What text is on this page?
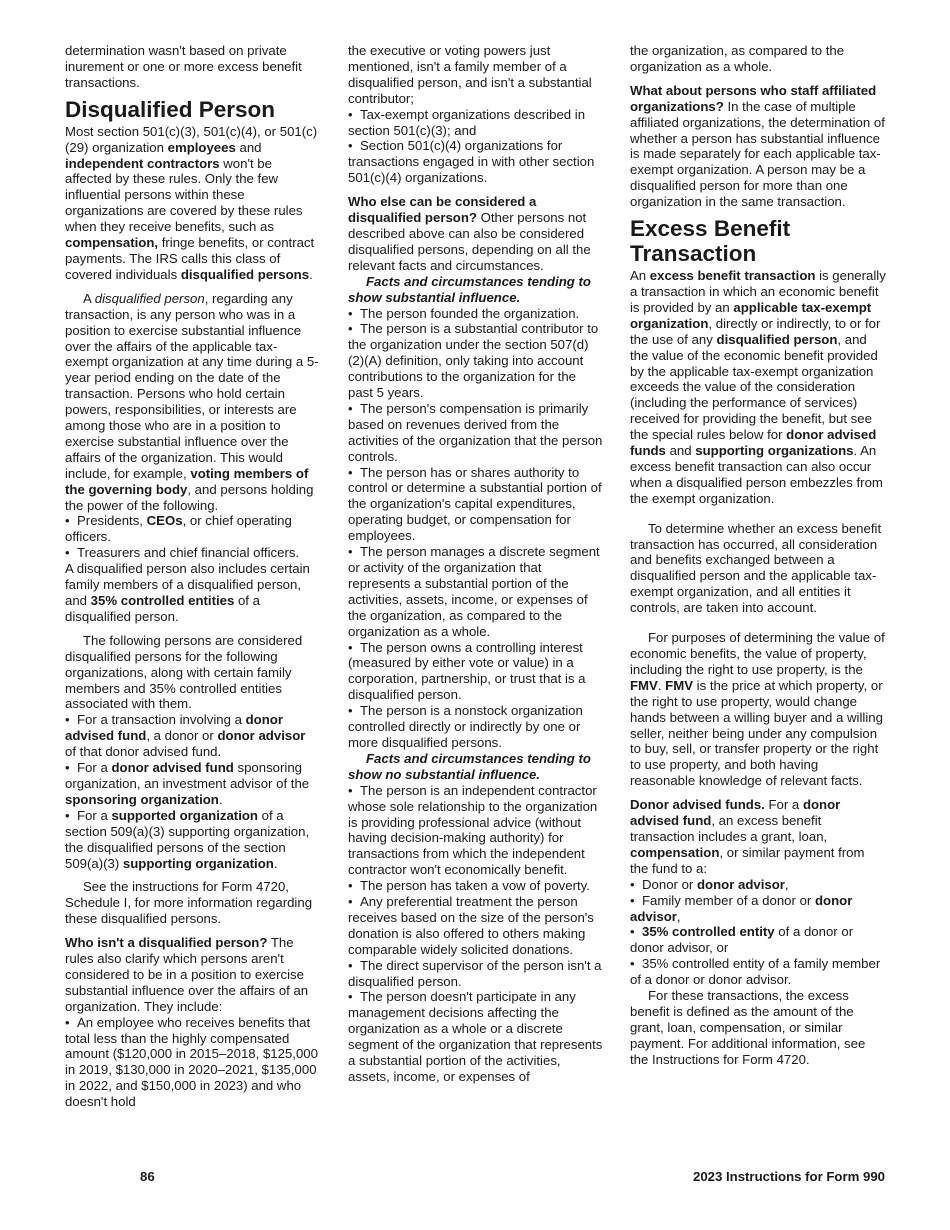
determination wasn't based on private inurement or one or more excess benefit transactions.

Disqualified Person

Most section 501(c)(3), 501(c)(4), or 501(c)(29) organization employees and independent contractors won't be affected by these rules. Only the few influential persons within these organizations are covered by these rules when they receive benefits, such as compensation, fringe benefits, or contract payments. The IRS calls this class of covered individuals disqualified persons.

A disqualified person, regarding any transaction, is any person who was in a position to exercise substantial influence over the affairs of the applicable tax-exempt organization at any time during a 5-year period ending on the date of the transaction. Persons who hold certain powers, responsibilities, or interests are among those who are in a position to exercise substantial influence over the affairs of the organization. This would include, for example, voting members of the governing body, and persons holding the power of the following.

• Presidents, CEOs, or chief operating officers.

• Treasurers and chief financial officers.

A disqualified person also includes certain family members of a disqualified person, and 35% controlled entities of a disqualified person.

The following persons are considered disqualified persons for the following organizations, along with certain family members and 35% controlled entities associated with them.

• For a transaction involving a donor advised fund, a donor or donor advisor of that donor advised fund.

• For a donor advised fund sponsoring organization, an investment advisor of the sponsoring organization.

• For a supported organization of a section 509(a)(3) supporting organization, the disqualified persons of the section 509(a)(3) supporting organization.

See the instructions for Form 4720, Schedule I, for more information regarding these disqualified persons.

Who isn't a disqualified person? The rules also clarify which persons aren't considered to be in a position to exercise substantial influence over the affairs of an organization. They include:

• An employee who receives benefits that total less than the highly compensated amount ($120,000 in 2015–2018, $125,000 in 2019, $130,000 in 2020–2021, $135,000 in 2022, and $150,000 in 2023) and who doesn't hold

the executive or voting powers just mentioned, isn't a family member of a disqualified person, and isn't a substantial contributor;

• Tax-exempt organizations described in section 501(c)(3); and

• Section 501(c)(4) organizations for transactions engaged in with other section 501(c)(4) organizations.

Who else can be considered a disqualified person? Other persons not described above can also be considered disqualified persons, depending on all the relevant facts and circumstances.

Facts and circumstances tending to show substantial influence.

• The person founded the organization.

• The person is a substantial contributor to the organization under the section 507(d)(2)(A) definition, only taking into account contributions to the organization for the past 5 years.

• The person's compensation is primarily based on revenues derived from the activities of the organization that the person controls.

• The person has or shares authority to control or determine a substantial portion of the organization's capital expenditures, operating budget, or compensation for employees.

• The person manages a discrete segment or activity of the organization that represents a substantial portion of the activities, assets, income, or expenses of the organization, as compared to the organization as a whole.

• The person owns a controlling interest (measured by either vote or value) in a corporation, partnership, or trust that is a disqualified person.

• The person is a nonstock organization controlled directly or indirectly by one or more disqualified persons.

Facts and circumstances tending to show no substantial influence.

• The person is an independent contractor whose sole relationship to the organization is providing professional advice (without having decision-making authority) for transactions from which the independent contractor won't economically benefit.

• The person has taken a vow of poverty.

• Any preferential treatment the person receives based on the size of the person's donation is also offered to others making comparable widely solicited donations.

• The direct supervisor of the person isn't a disqualified person.

• The person doesn't participate in any management decisions affecting the organization as a whole or a discrete segment of the organization that represents a substantial portion of the activities, assets, income, or expenses of

the organization, as compared to the organization as a whole.

What about persons who staff affiliated organizations? In the case of multiple affiliated organizations, the determination of whether a person has substantial influence is made separately for each applicable tax-exempt organization. A person may be a disqualified person for more than one organization in the same transaction.

Excess Benefit Transaction

An excess benefit transaction is generally a transaction in which an economic benefit is provided by an applicable tax-exempt organization, directly or indirectly, to or for the use of any disqualified person, and the value of the economic benefit provided by the applicable tax-exempt organization exceeds the value of the consideration (including the performance of services) received for providing the benefit, but see the special rules below for donor advised funds and supporting organizations. An excess benefit transaction can also occur when a disqualified person embezzles from the exempt organization.

To determine whether an excess benefit transaction has occurred, all consideration and benefits exchanged between a disqualified person and the applicable tax-exempt organization, and all entities it controls, are taken into account.

For purposes of determining the value of economic benefits, the value of property, including the right to use property, is the FMV. FMV is the price at which property, or the right to use property, would change hands between a willing buyer and a willing seller, neither being under any compulsion to buy, sell, or transfer property or the right to use property, and both having reasonable knowledge of relevant facts.

Donor advised funds. For a donor advised fund, an excess benefit transaction includes a grant, loan, compensation, or similar payment from the fund to a:

• Donor or donor advisor,

• Family member of a donor or donor advisor,

• 35% controlled entity of a donor or donor advisor, or

• 35% controlled entity of a family member of a donor or donor advisor.

For these transactions, the excess benefit is defined as the amount of the grant, loan, compensation, or similar payment. For additional information, see the Instructions for Form 4720.

86	2023 Instructions for Form 990
